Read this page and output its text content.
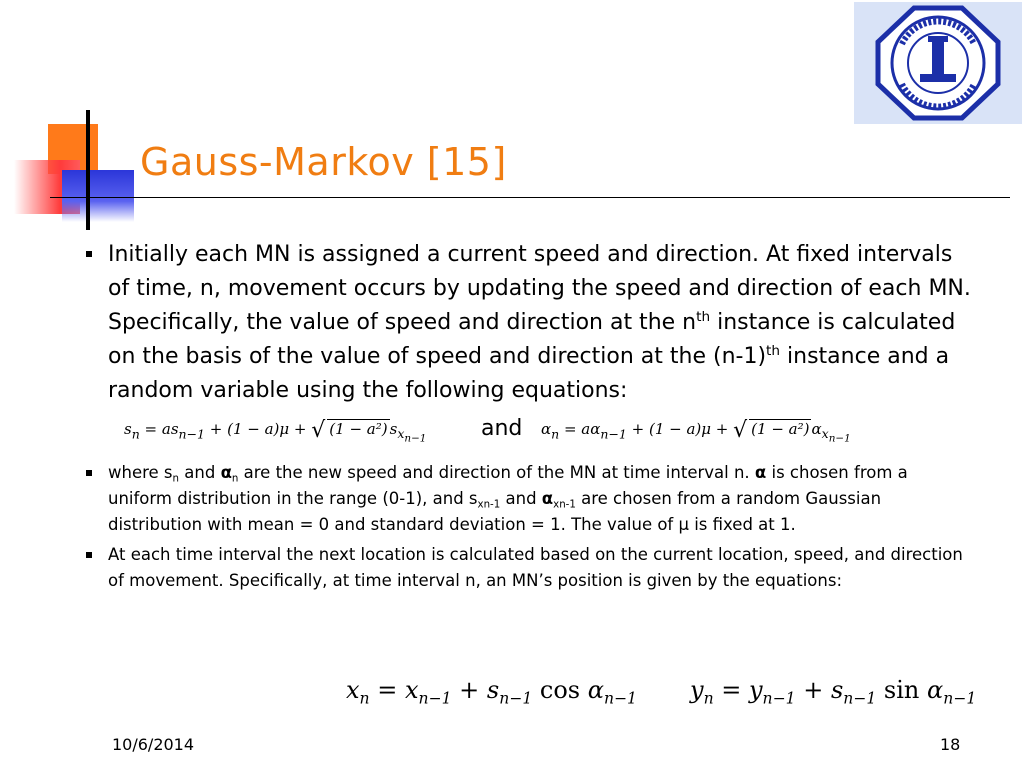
Gauss-Markov [15]
Initially each MN is assigned a current speed and direction. At fixed intervals of time, n, movement occurs by updating the speed and direction of each MN. Specifically, the value of speed and direction at the $n^{th}$ instance is calculated on the basis of the value of speed and direction at the $(n-1)^{th}$ instance and a random variable using the following equations:
$s_n = as_{n-1} + (1 - a)\mu$ + √ (1 − a²) $s_{x_{n-1}}$ and $\alpha_n = a\alpha_{n-1} + (1 - a)\mu$ + √ (1 − a²) $\alpha_{x_{n-1}}$
where $s_n$ and $\alpha_n$ are the new speed and direction of the MN at time interval n. α is chosen from a uniform distribution in the range (0-1), and $s_{xn-1}$ and $\alpha_{xn-1}$ are chosen from a random Gaussian distribution with mean = 0 and standard deviation = 1. The value of μ is fixed at 1.
At each time interval the next location is calculated based on the current location, speed, and direction of movement. Specifically, at time interval n, an MN’s position is given by the equations:
$x_n = x_{n-1} + s_{n-1}$ $\cos \alpha_{n-1}$ $y_n = y_{n-1} + s_{n-1}$ $\sin \alpha_{n-1}$
10/6/2014	18
